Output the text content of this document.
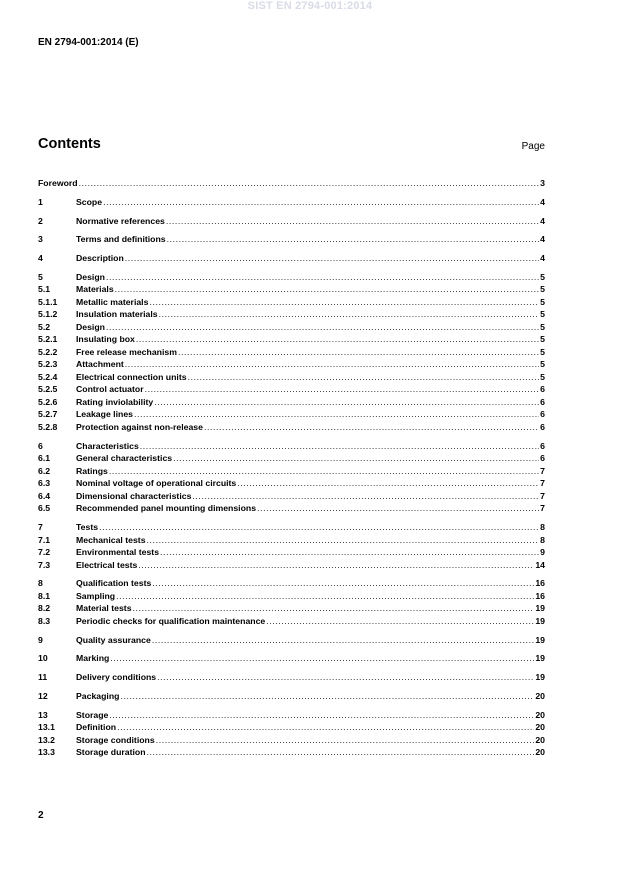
SIST EN 2794-001:2014
EN 2794-001:2014 (E)
Contents	Page
Foreword .....	3
1	Scope .....	4
2	Normative references .....	4
3	Terms and definitions .....	4
4	Description .....	4
5	Design .....	5
5.1	Materials .....	5
5.1.1	Metallic materials .....	5
5.1.2	Insulation materials .....	5
5.2	Design .....	5
5.2.1	Insulating box .....	5
5.2.2	Free release mechanism .....	5
5.2.3	Attachment .....	5
5.2.4	Electrical connection units .....	5
5.2.5	Control actuator .....	6
5.2.6	Rating inviolability .....	6
5.2.7	Leakage lines .....	6
5.2.8	Protection against non-release .....	6
6	Characteristics .....	6
6.1	General characteristics .....	6
6.2	Ratings .....	7
6.3	Nominal voltage of operational circuits .....	7
6.4	Dimensional characteristics .....	7
6.5	Recommended panel mounting dimensions .....	7
7	Tests .....	8
7.1	Mechanical tests .....	8
7.2	Environmental tests .....	9
7.3	Electrical tests .....	14
8	Qualification tests .....	16
8.1	Sampling .....	16
8.2	Material tests .....	19
8.3	Periodic checks for qualification maintenance .....	19
9	Quality assurance .....	19
10	Marking .....	19
11	Delivery conditions .....	19
12	Packaging .....	20
13	Storage .....	20
13.1	Definition .....	20
13.2	Storage conditions .....	20
13.3	Storage duration .....	20
2
